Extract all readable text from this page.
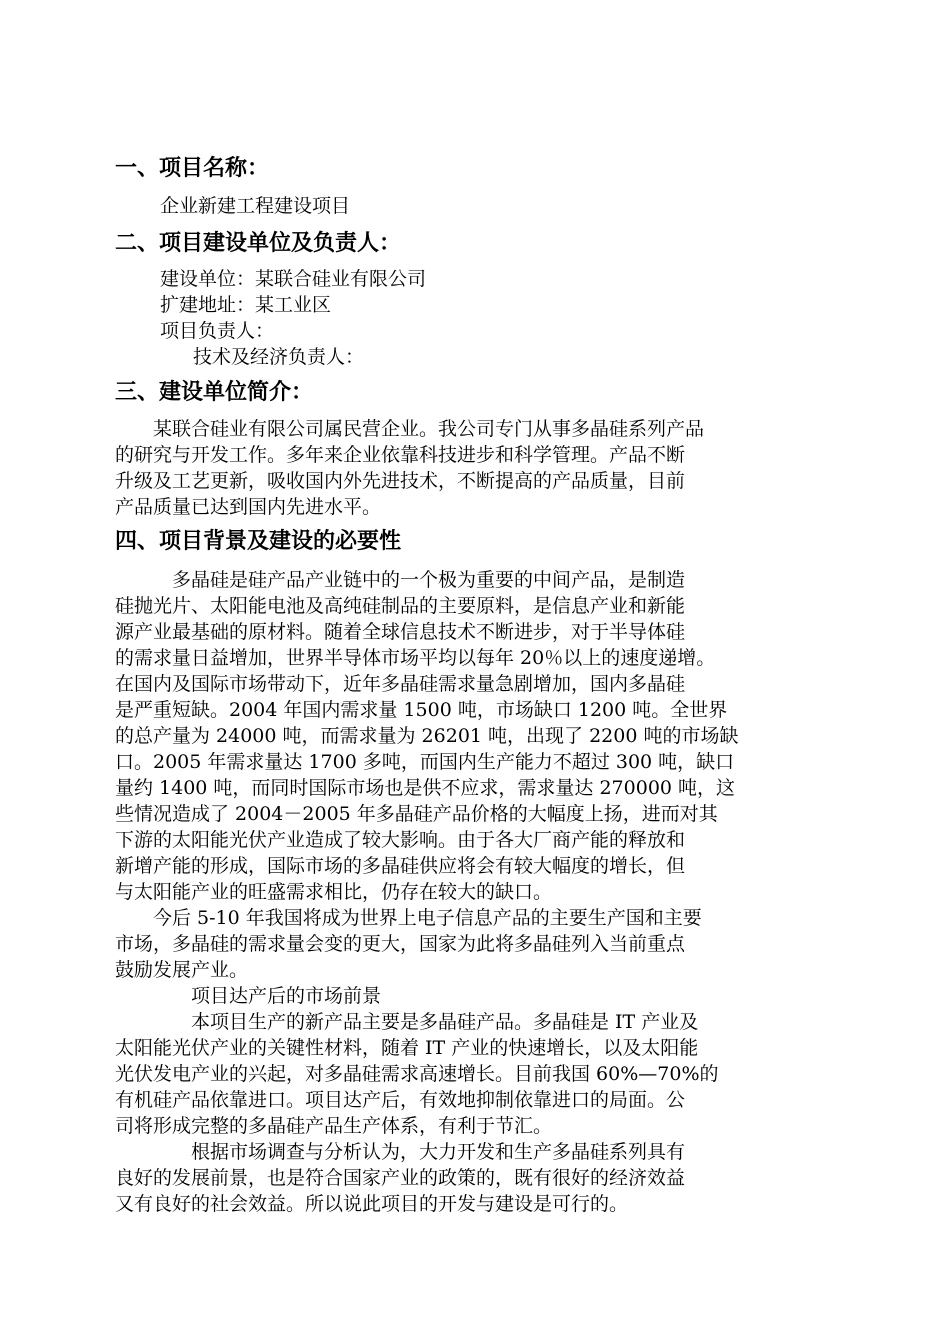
一、项目名称：
企业新建工程建设项目
二、项目建设单位及负责人：
建设单位：某联合硅业有限公司
扩建地址：某工业区
项目负责人：
技术及经济负责人：
三、建设单位简介：
　　某联合硅业有限公司属民营企业。我公司专门从事多晶硅系列产品
的研究与开发工作。多年来企业依靠科技进步和科学管理。产品不断
升级及工艺更新，吸收国内外先进技术，不断提高的产品质量，目前
产品质量已达到国内先进水平。
四、项目背景及建设的必要性
　　　多晶硅是硅产品产业链中的一个极为重要的中间产品，是制造
硅抛光片、太阳能电池及高纯硅制品的主要原料，是信息产业和新能
源产业最基础的原材料。随着全球信息技术不断进步，对于半导体硅
的需求量日益增加，世界半导体市场平均以每年 20％以上的速度递增。
在国内及国际市场带动下，近年多晶硅需求量急剧增加，国内多晶硅
是严重短缺。2004 年国内需求量 1500 吨，市场缺口 1200 吨。全世界
的总产量为 24000 吨，而需求量为 26201 吨，出现了 2200 吨的市场缺
口。2005 年需求量达 1700 多吨，而国内生产能力不超过 300 吨，缺口
量约 1400 吨，而同时国际市场也是供不应求，需求量达 270000 吨，这
些情况造成了 2004－2005 年多晶硅产品价格的大幅度上扬，进而对其
下游的太阳能光伏产业造成了较大影响。由于各大厂商产能的释放和
新增产能的形成，国际市场的多晶硅供应将会有较大幅度的增长，但
与太阳能产业的旺盛需求相比，仍存在较大的缺口。
　　今后 5-10 年我国将成为世界上电子信息产品的主要生产国和主要
市场，多晶硅的需求量会变的更大，国家为此将多晶硅列入当前重点
鼓励发展产业。
　　　　项目达产后的市场前景
　　　　本项目生产的新产品主要是多晶硅产品。多晶硅是 IT 产业及
太阳能光伏产业的关键性材料，随着 IT 产业的快速增长，以及太阳能
光伏发电产业的兴起，对多晶硅需求高速增长。目前我国 60%—70%的
有机硅产品依靠进口。项目达产后，有效地抑制依靠进口的局面。公
司将形成完整的多晶硅产品生产体系，有利于节汇。
　　　　根据市场调查与分析认为，大力开发和生产多晶硅系列具有
良好的发展前景，也是符合国家产业的政策的，既有很好的经济效益
又有良好的社会效益。所以说此项目的开发与建设是可行的。
